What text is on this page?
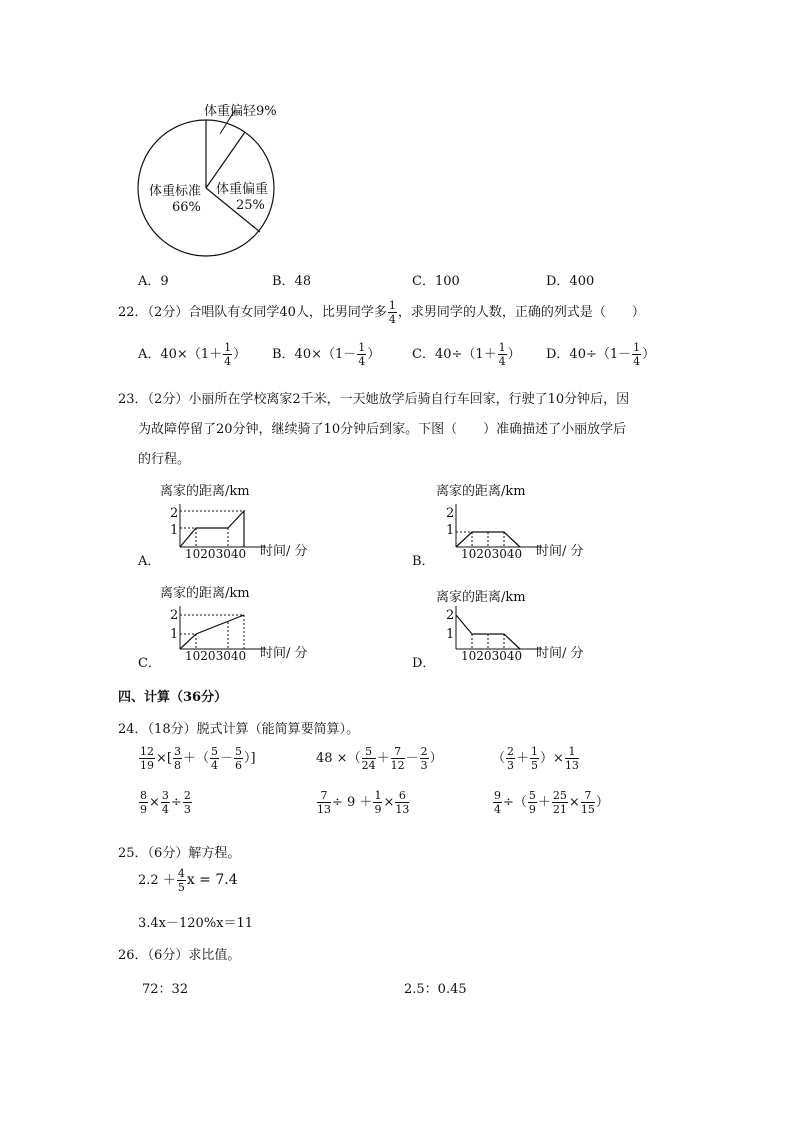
体重偏轻9%
体重偏重
25%
体重标准
66%
A．9	B．48	C．100	D．400
22．（2分）合唱队有女同学40人，比男同学多 $\frac{1}{4}$ ，求男同学的人数，正确的列式是（　　）
A．$40\times(1+ \frac{1}{4}$ ） B．$40\times(1- \frac{1}{4}$ ） C．$40\div(1+ \frac{1}{4}$ ） D．$40\div(1- \frac{1}{4}$ ）
23．（2分）小丽所在学校离家2千米，一天她放学后骑自行车回家，行驶了10分钟后，因
为故障停留了20分钟，继续骑了10分钟后到家。下图（　　）准确描述了小丽放学后
的行程。
A．
离家的距离/km
时间/ 分
2
1
10203040	B．
离家的距离/km
时间/ 分
2
1
10203040
C．
离家的距离/km
时间/ 分
2
1
10203040	D．
离家的距离/km
时间/ 分
2
1
10203040
四、计算（36分）
24．（18分）脱式计算（能简算要简算）。
$\frac{12}{19}$ ×[ $\frac{3}{8}$ ＋（ $\frac{5}{4} - \frac{5}{6}$ ）]	48 ×（ $\frac{5}{24} + \frac{7}{12} - \frac{2}{3}$ ）	（ $\frac{2}{3} + \frac{1}{5}$ ）× $\frac{1}{13}$
$\frac{8}{9} \times \frac{3}{4} \div \frac{2}{3}$	$\frac{7}{13} \div 9 + \frac{1}{9} \times \frac{6}{13}$	$\frac{9}{4}$ ÷（ $\frac{5}{9} + \frac{25}{21} \times \frac{7}{15}$ ）
25．（6分）解方程。
$2.2 + \frac{4}{5}$ x = 7.4
3.4x－120%x＝11
26．（6分）求比值。
72：32	2.5：0.45
